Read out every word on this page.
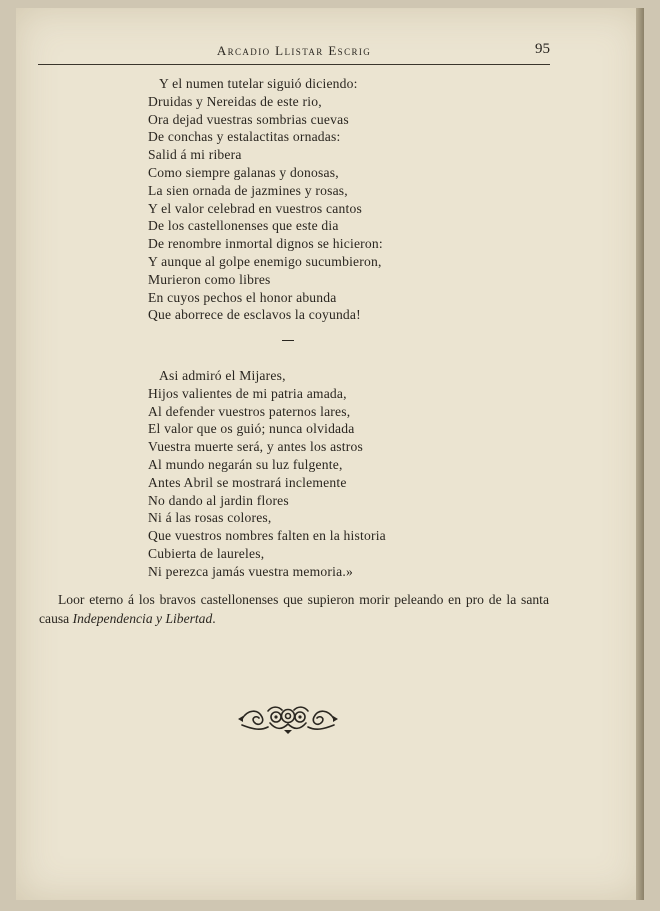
Arcadio Llistar Escrig	95
Y el numen tutelar siguió diciendo:
Druidas y Nereidas de este rio,
Ora dejad vuestras sombrias cuevas
De conchas y estalactitas ornadas:
Salid á mi ribera
Como siempre galanas y donosas,
La sien ornada de jazmines y rosas,
Y el valor celebrad en vuestros cantos
De los castellonenses que este dia
De renombre inmortal dignos se hicieron:
Y aunque al golpe enemigo sucumbieron,
Murieron como libres
En cuyos pechos el honor abunda
Que aborrece de esclavos la coyunda!
Asi admiró el Mijares,
Hijos valientes de mi patria amada,
Al defender vuestros paternos lares,
El valor que os guió; nunca olvidada
Vuestra muerte será, y antes los astros
Al mundo negarán su luz fulgente,
Antes Abril se mostrará inclemente
No dando al jardin flores
Ni á las rosas colores,
Que vuestros nombres falten en la historia
Cubierta de laureles,
Ni perezca jamás vuestra memoria.»

Loor eterno á los bravos castellonenses que supieron morir peleando en pro de la santa causa Independencia y Libertad.
